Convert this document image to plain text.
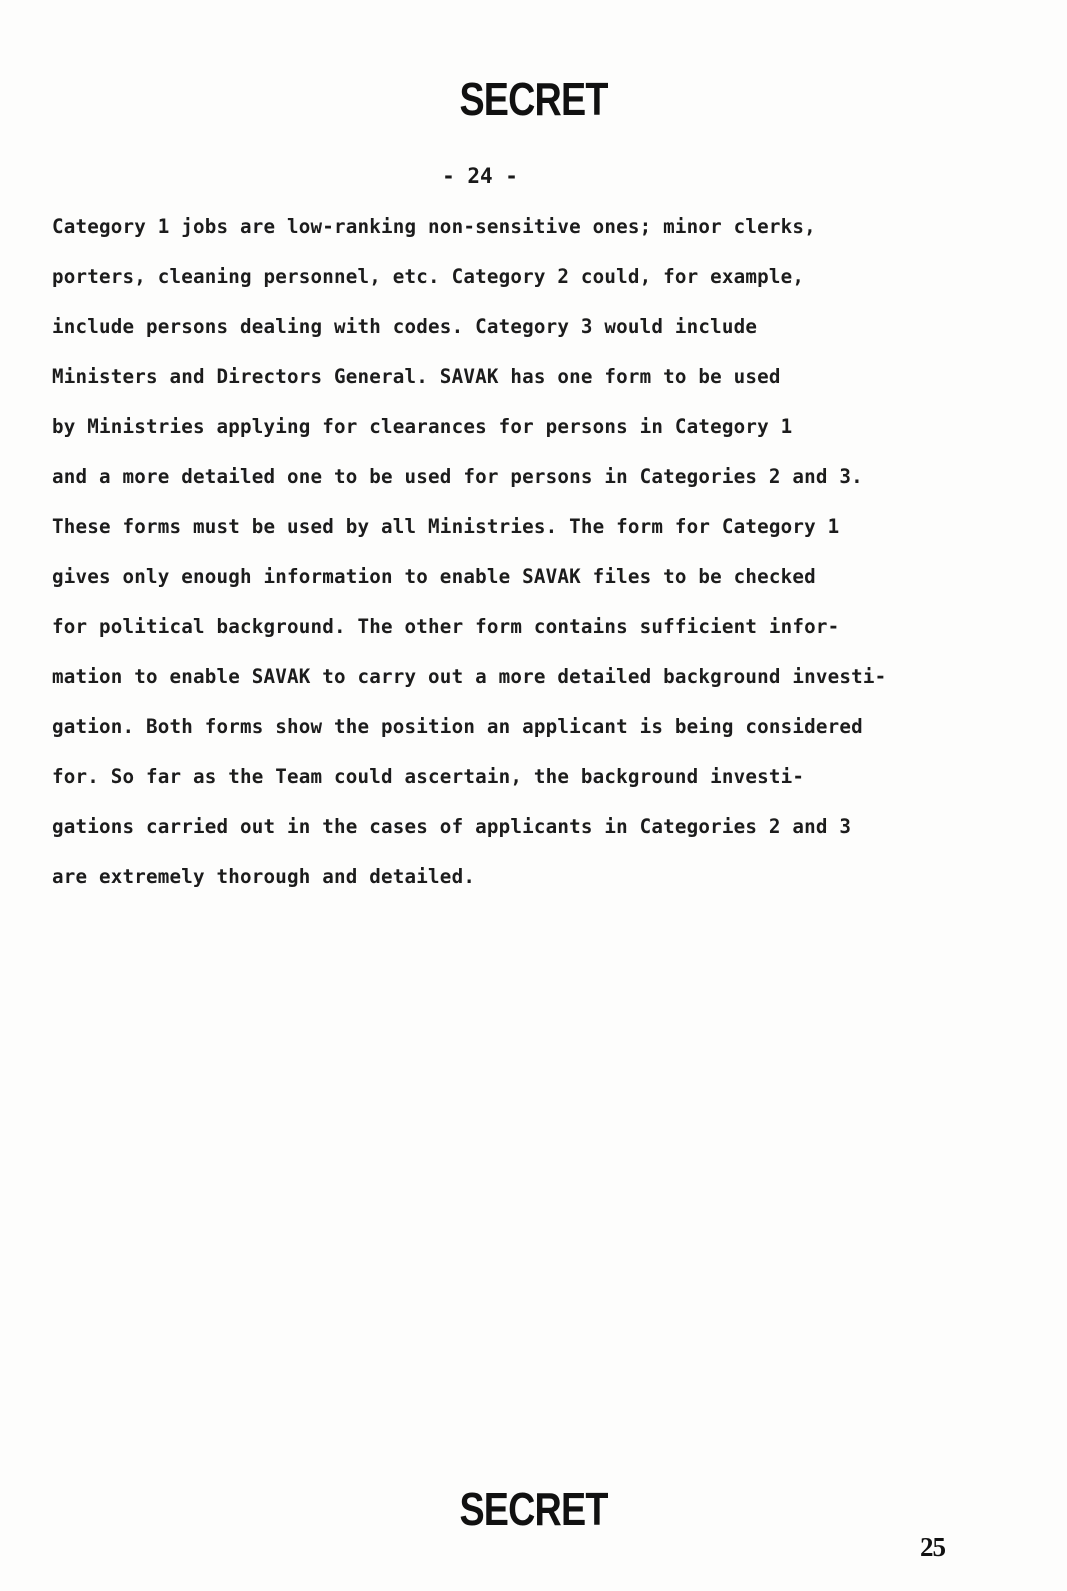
SECRET
- 24 -
Category 1 jobs are low-ranking non-sensitive ones; minor clerks,
porters, cleaning personnel, etc. Category 2 could, for example,
include persons dealing with codes. Category 3 would include
Ministers and Directors General. SAVAK has one form to be used
by Ministries applying for clearances for persons in Category 1
and a more detailed one to be used for persons in Categories 2 and 3.
These forms must be used by all Ministries. The form for Category 1
gives only enough information to enable SAVAK files to be checked
for political background. The other form contains sufficient infor-
mation to enable SAVAK to carry out a more detailed background investi-
gation. Both forms show the position an applicant is being considered
for. So far as the Team could ascertain, the background investi-
gations carried out in the cases of applicants in Categories 2 and 3
are extremely thorough and detailed.
SECRET
25
